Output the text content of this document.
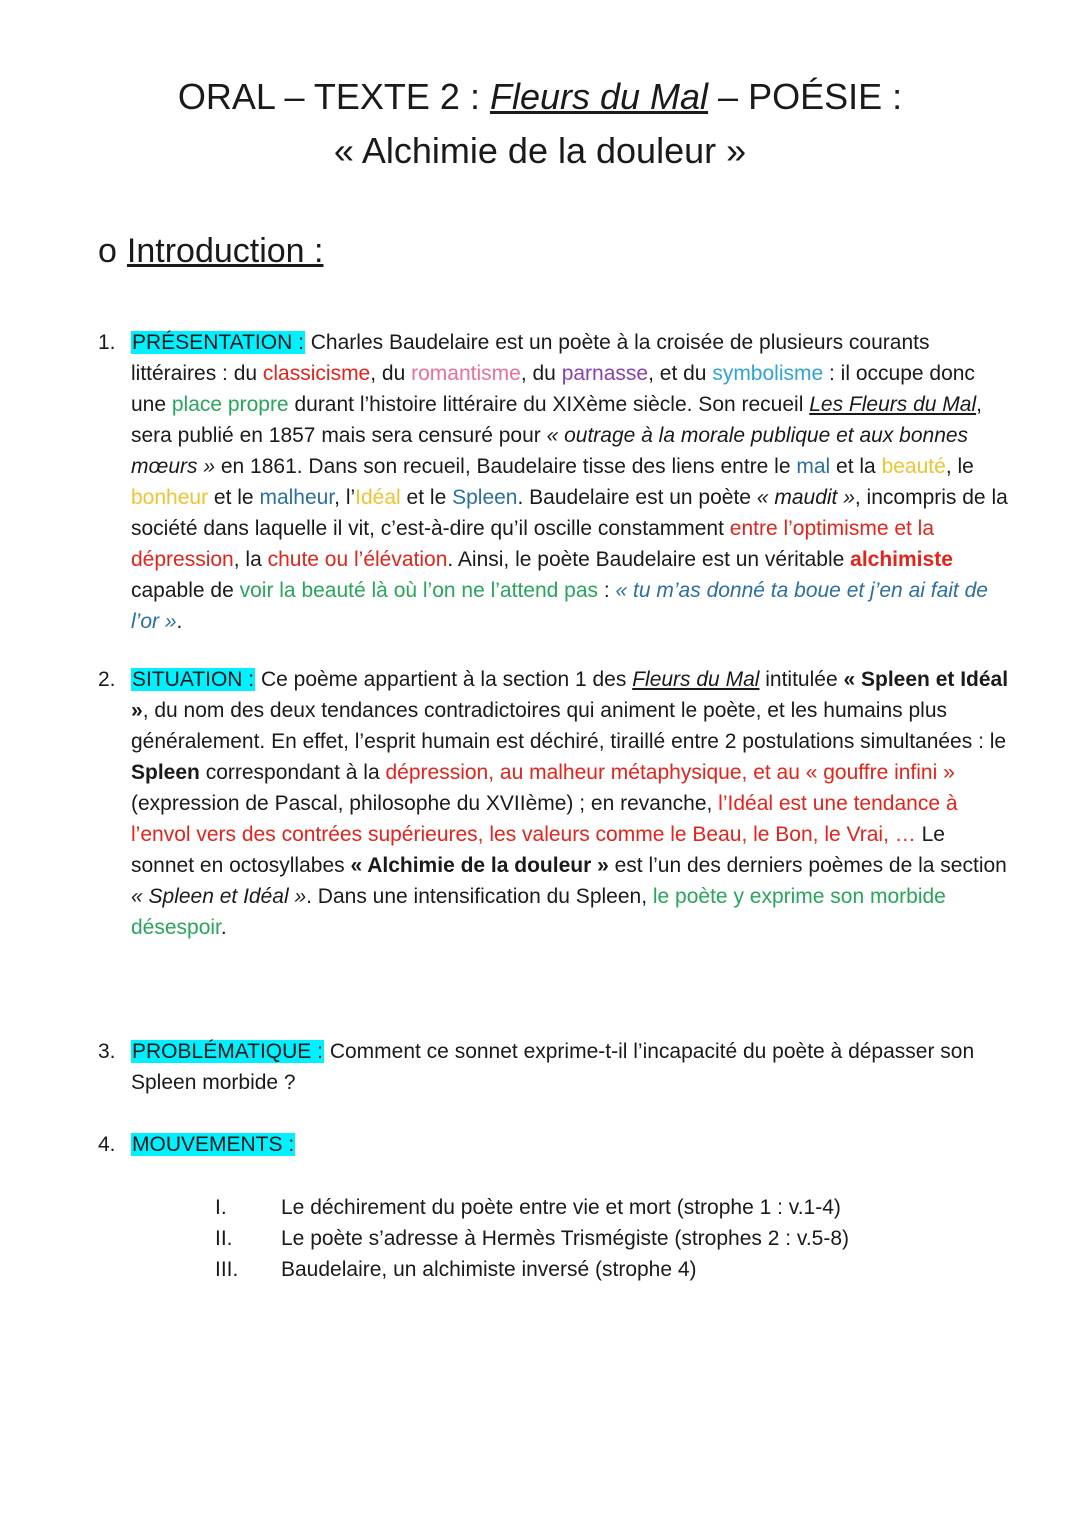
ORAL – TEXTE 2 : Fleurs du Mal – POÉSIE :
« Alchimie de la douleur »
o Introduction :
1. PRÉSENTATION : Charles Baudelaire est un poète à la croisée de plusieurs courants littéraires : du classicisme, du romantisme, du parnasse, et du symbolisme : il occupe donc une place propre durant l’histoire littéraire du XIXème siècle. Son recueil Les Fleurs du Mal, sera publié en 1857 mais sera censuré pour « outrage à la morale publique et aux bonnes mœurs » en 1861. Dans son recueil, Baudelaire tisse des liens entre le mal et la beauté, le bonheur et le malheur, l’Idéal et le Spleen. Baudelaire est un poète « maudit », incompris de la société dans laquelle il vit, c’est-à-dire qu’il oscille constamment entre l’optimisme et la dépression, la chute ou l’élévation. Ainsi, le poète Baudelaire est un véritable alchimiste capable de voir la beauté là où l’on ne l’attend pas : « tu m’as donné ta boue et j’en ai fait de l’or ».
2. SITUATION : Ce poème appartient à la section 1 des Fleurs du Mal intitulée « Spleen et Idéal », du nom des deux tendances contradictoires qui animent le poète, et les humains plus généralement. En effet, l’esprit humain est déchiré, tiraillé entre 2 postulations simultanées : le Spleen correspondant à la dépression, au malheur métaphysique, et au « gouffre infini » (expression de Pascal, philosophe du XVIIème) ; en revanche, l’Idéal est une tendance à l’envol vers des contrées supérieures, les valeurs comme le Beau, le Bon, le Vrai, … Le sonnet en octosyllabes « Alchimie de la douleur » est l’un des derniers poèmes de la section « Spleen et Idéal ». Dans une intensification du Spleen, le poète y exprime son morbide désespoir.
3. PROBLÉMATIQUE : Comment ce sonnet exprime-t-il l’incapacité du poète à dépasser son Spleen morbide ?
4. MOUVEMENTS :
I.	Le déchirement du poète entre vie et mort (strophe 1 : v.1-4)
II.	Le poète s’adresse à Hermès Trismégiste (strophes 2 : v.5-8)
III.	Baudelaire, un alchimiste inversé (strophe 4)
